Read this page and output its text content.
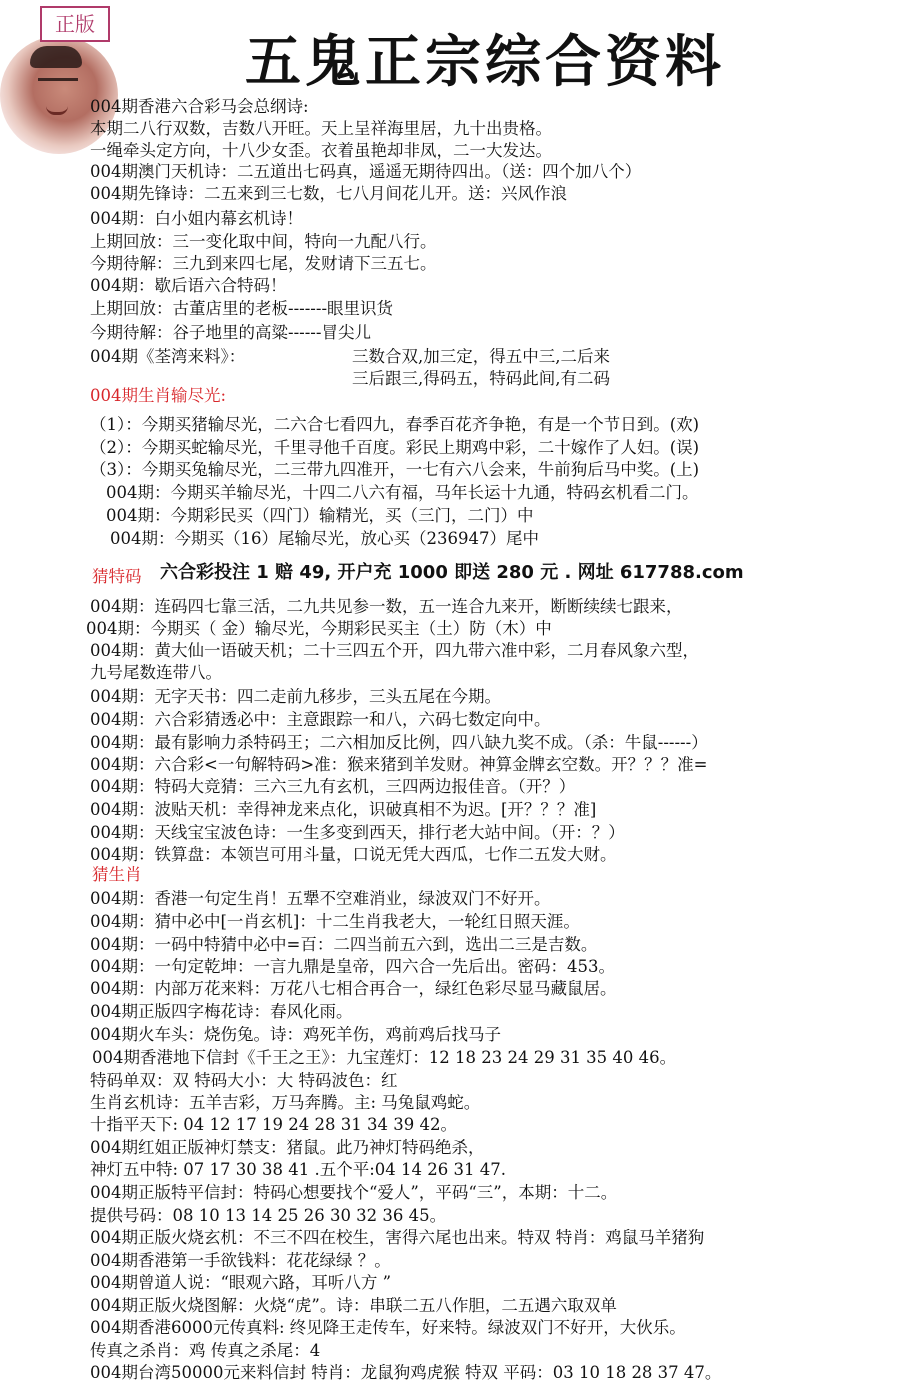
正版
五鬼正宗综合资料
004期香港六合彩马会总纲诗:
本期二八行双数，吉数八开旺。天上呈祥海里居，九十出贵格。
一绳牵头定方向，十八少女歪。衣着虽艳却非凤，二一大发达。
004期澳门天机诗：二五道出七码真，遥遥无期待四出。（送：四个加八个）
004期先锋诗：二五来到三七数，七八月间花儿开。送：兴风作浪
004期：白小姐内幕玄机诗！
上期回放：三一变化取中间，特向一九配八行。
今期待解：三九到来四七尾，发财请下三五七。
004期：歇后语六合特码！
上期回放：古董店里的老板-------眼里识货
今期待解：谷子地里的高粱------冒尖儿
004期《荃湾来料》：	三数合双,加三定，得五中三,二后来
三后跟三,得码五，特码此间,有二码
004期生肖输尽光:
（1）：今期买猪输尽光，二六合七看四九，春季百花齐争艳，有是一个节日到。(欢)
（2）：今期买蛇输尽光，千里寻他千百度。彩民上期鸡中彩，二十嫁作了人妇。(误)
（3）：今期买兔输尽光，二三带九四准开，一七有六八会来，牛前狗后马中奖。(上)
004期：今期买羊输尽光，十四二八六有福，马年长运十九通，特码玄机看二门。
004期：今期彩民买（四门）输精光，买（三门，二门）中
004期：今期买（16）尾输尽光，放心买（236947）尾中
猜特码
004期：连码四七靠三活，二九共见参一数，五一连合九来开，断断续续七跟来，
004期：今期买（ 金）输尽光，今期彩民买主（土）防（木）中
004期：黄大仙一语破天机；二十三四五个开，四九带六准中彩，二月春风象六型，
九号尾数连带八。
004期：无字天书：四二走前九移步，三头五尾在今期。
004期：六合彩猜透必中：主意跟踪一和八，六码七数定向中。
004期：最有影响力杀特码王；二六相加反比例，四八缺九奖不成。（杀：牛鼠------）
004期：六合彩<一句解特码>准：猴来猪到羊发财。神算金牌玄空数。开？？？准=
004期：特码大竞猜：三六三九有玄机，三四两边报佳音。（开？）
004期：波贴天机：幸得神龙来点化，识破真相不为迟。[开？？？准]
004期：天线宝宝波色诗：一生多变到西天，排行老大站中间。（开：？）
004期：铁算盘：本领岂可用斗量，口说无凭大西瓜，七作二五发大财。
猜生肖
004期：香港一句定生肖！五犟不空难消业，绿波双门不好开。
004期：猜中必中[一肖玄机]：十二生肖我老大，一轮红日照天涯。
004期：一码中特猜中必中=百：二四当前五六到，选出二三是吉数。
004期：一句定乾坤：一言九鼎是皇帝，四六合一先后出。密码：453。
004期：内部万花来料：万花八七相合再合一，绿红色彩尽显马藏鼠居。
004期正版四字梅花诗：春风化雨。
004期火车头：烧伤兔。诗：鸡死羊伤，鸡前鸡后找马子
004期香港地下信封《千王之王》：九宝莲灯：12 18 23 24 29 31 35 40 46。
特码单双：双 特码大小：大 特码波色：红
生肖玄机诗：五羊吉彩，万马奔腾。主: 马兔鼠鸡蛇。
十指平天下: 04 12 17 19 24 28 31 34 39 42。
004期红姐正版神灯禁支：猪鼠。此乃神灯特码绝杀，
神灯五中特: 07 17 30 38 41 .五个平:04 14 26 31 47.
004期正版特平信封：特码心想要找个“爱人”，平码“三”，本期：十二。
提供号码：08 10 13 14 25 26 30 32 36 45。
004期正版火烧玄机：不三不四在校生，害得六尾也出来。特双 特肖：鸡鼠马羊猪狗
004期香港第一手欲钱料：花花绿绿 ？。
004期曾道人说：“眼观六路，耳听八方 ”
004期正版火烧图解：火烧“虎”。诗：串联二五八作胆，二五遇六取双单
004期香港6000元传真料: 终见降王走传车，好来特。绿波双门不好开，大伙乐。
传真之杀肖：鸡 传真之杀尾：4
004期台湾50000元来料信封 特肖：龙鼠狗鸡虎猴 特双 平码：03 10 18 28 37 47。
六合彩投注 1 赔 49, 开户充 1000 即送 280 元 . 网址 617788.com
